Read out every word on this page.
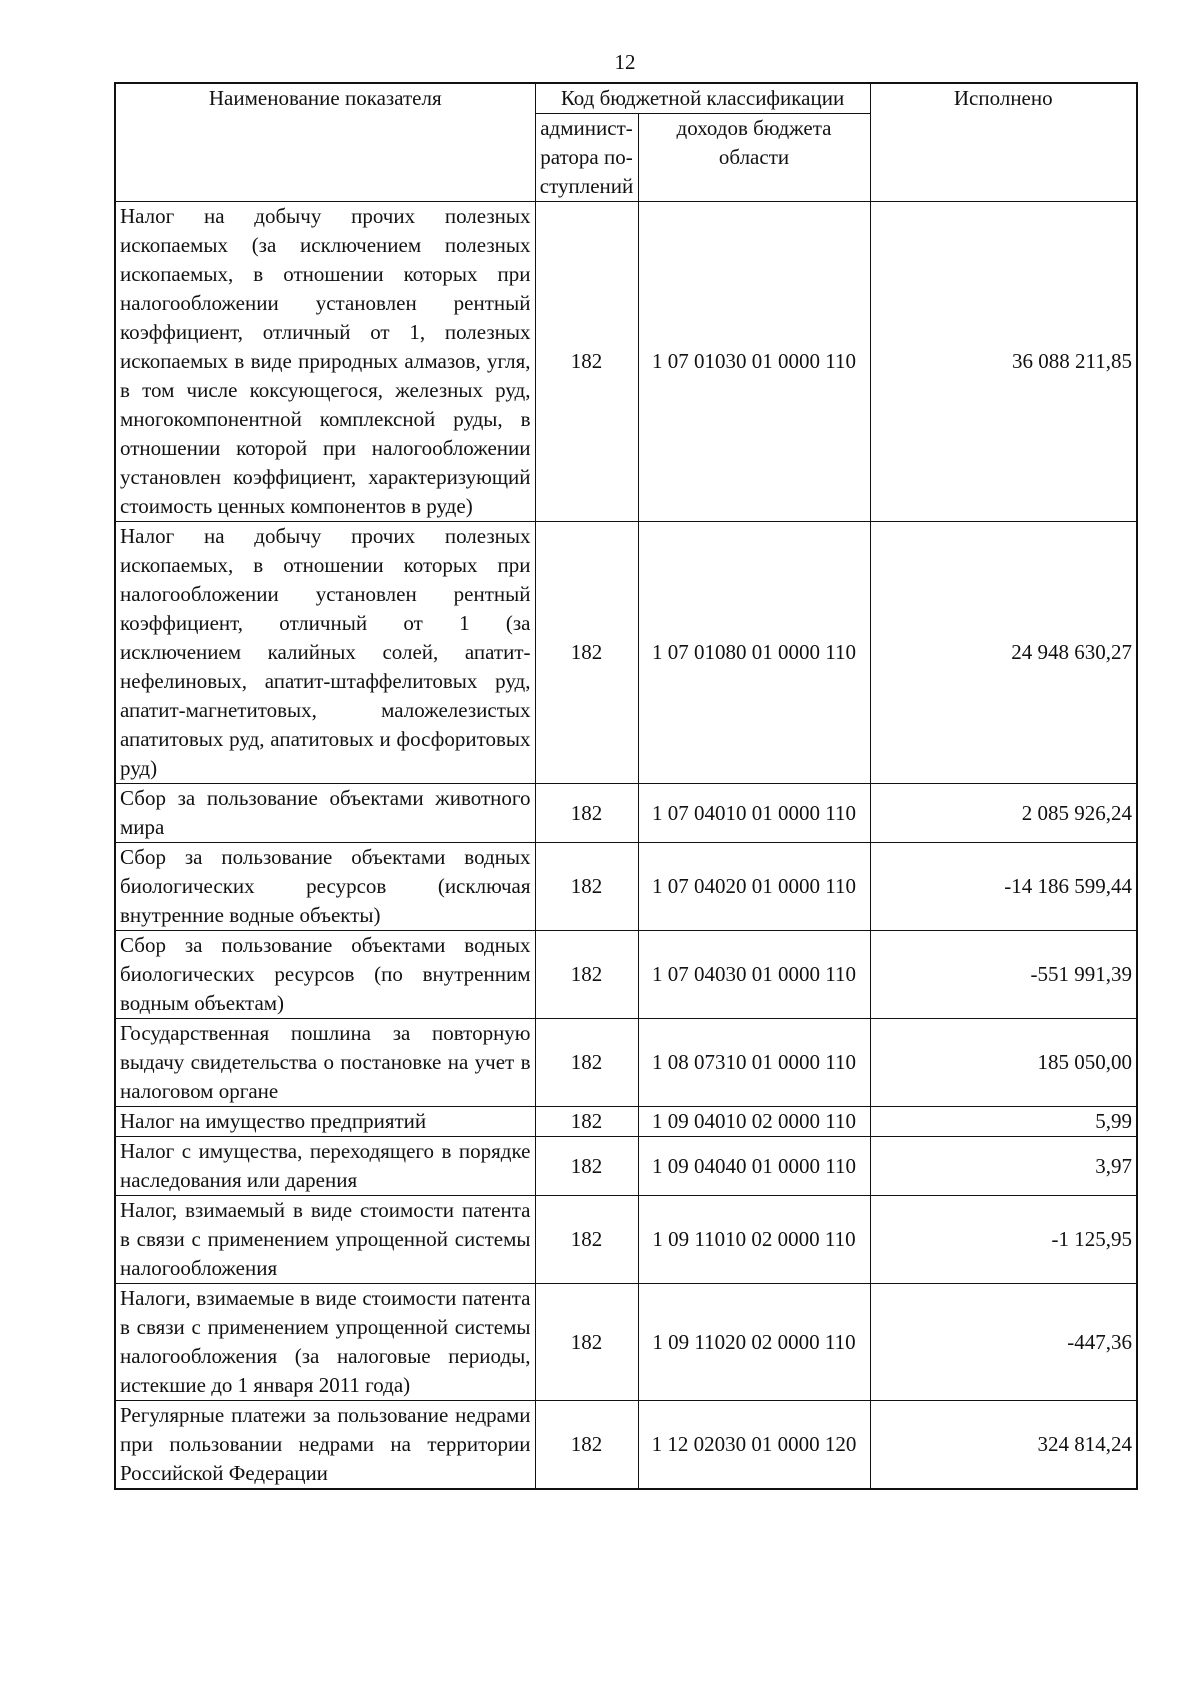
12
Наименование показателя	Код бюджетной классификации		Исполнено
	админист-ратора по-ступлений	доходов бюджета области	
Налог на добычу прочих полезных ископаемых (за исключением полезных ископаемых, в отношении которых при налогообложении установлен рентный коэффициент, отличный от 1, полезных ископаемых в виде природных алмазов, угля, в том числе коксующегося, железных руд, многокомпонентной комплексной руды, в отношении которой при налогообложении установлен коэффициент, характеризующий стоимость ценных компонентов в руде)	182	1 07 01030 01 0000 110	36 088 211,85
Налог на добычу прочих полезных ископаемых, в отношении которых при налогообложении установлен рентный коэффициент, отличный от 1 (за исключением калийных солей, апатит-нефелиновых, апатит-штаффелитовых руд, апатит-магнетитовых, маложелезистых апатитовых руд, апатитовых и фосфоритовых руд)	182	1 07 01080 01 0000 110	24 948 630,27
Сбор за пользование объектами животного мира	182	1 07 04010 01 0000 110	2 085 926,24
Сбор за пользование объектами водных биологических ресурсов (исключая внутренние водные объекты)	182	1 07 04020 01 0000 110	-14 186 599,44
Сбор за пользование объектами водных биологических ресурсов (по внутренним водным объектам)	182	1 07 04030 01 0000 110	-551 991,39
Государственная пошлина за повторную выдачу свидетельства о постановке на учет в налоговом органе	182	1 08 07310 01 0000 110	185 050,00
Налог на имущество предприятий	182	1 09 04010 02 0000 110	5,99
Налог с имущества, переходящего в порядке наследования или дарения	182	1 09 04040 01 0000 110	3,97
Налог, взимаемый в виде стоимости патента в связи с применением упрощенной системы налогообложения	182	1 09 11010 02 0000 110	-1 125,95
Налоги, взимаемые в виде стоимости патента в связи с применением упрощенной системы налогообложения (за налоговые периоды, истекшие до 1 января 2011 года)	182	1 09 11020 02 0000 110	-447,36
Регулярные платежи за пользование недрами при пользовании недрами на территории Российской Федерации	182	1 12 02030 01 0000 120	324 814,24
